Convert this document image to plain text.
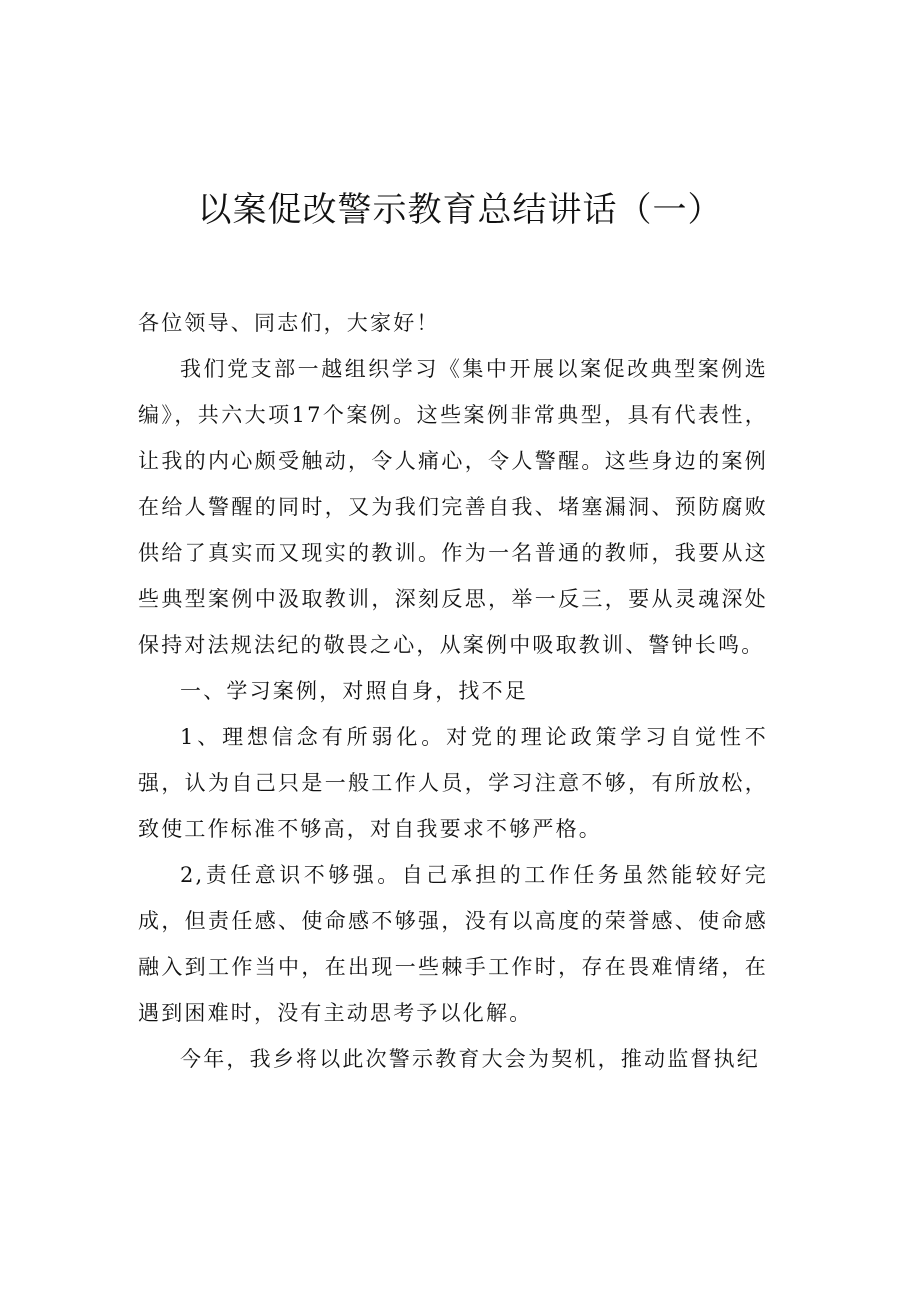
以案促改警示教育总结讲话（一）

各位领导、同志们，大家好！

我们党支部一越组织学习《集中开展以案促改典型案例选编》，共六大项17个案例。这些案例非常典型，具有代表性，让我的内心颇受触动，令人痛心，令人警醒。这些身边的案例在给人警醒的同时，又为我们完善自我、堵塞漏洞、预防腐败供给了真实而又现实的教训。作为一名普通的教师，我要从这些典型案例中汲取教训，深刻反思，举一反三，要从灵魂深处保持对法规法纪的敬畏之心，从案例中吸取教训、警钟长鸣。

一、学习案例，对照自身，找不足

1、理想信念有所弱化。对党的理论政策学习自觉性不强，认为自己只是一般工作人员，学习注意不够，有所放松，致使工作标准不够高，对自我要求不够严格。

2,责任意识不够强。自己承担的工作任务虽然能较好完成，但责任感、使命感不够强，没有以高度的荣誉感、使命感融入到工作当中，在出现一些棘手工作时，存在畏难情绪，在遇到困难时，没有主动思考予以化解。

今年，我乡将以此次警示教育大会为契机，推动监督执纪
